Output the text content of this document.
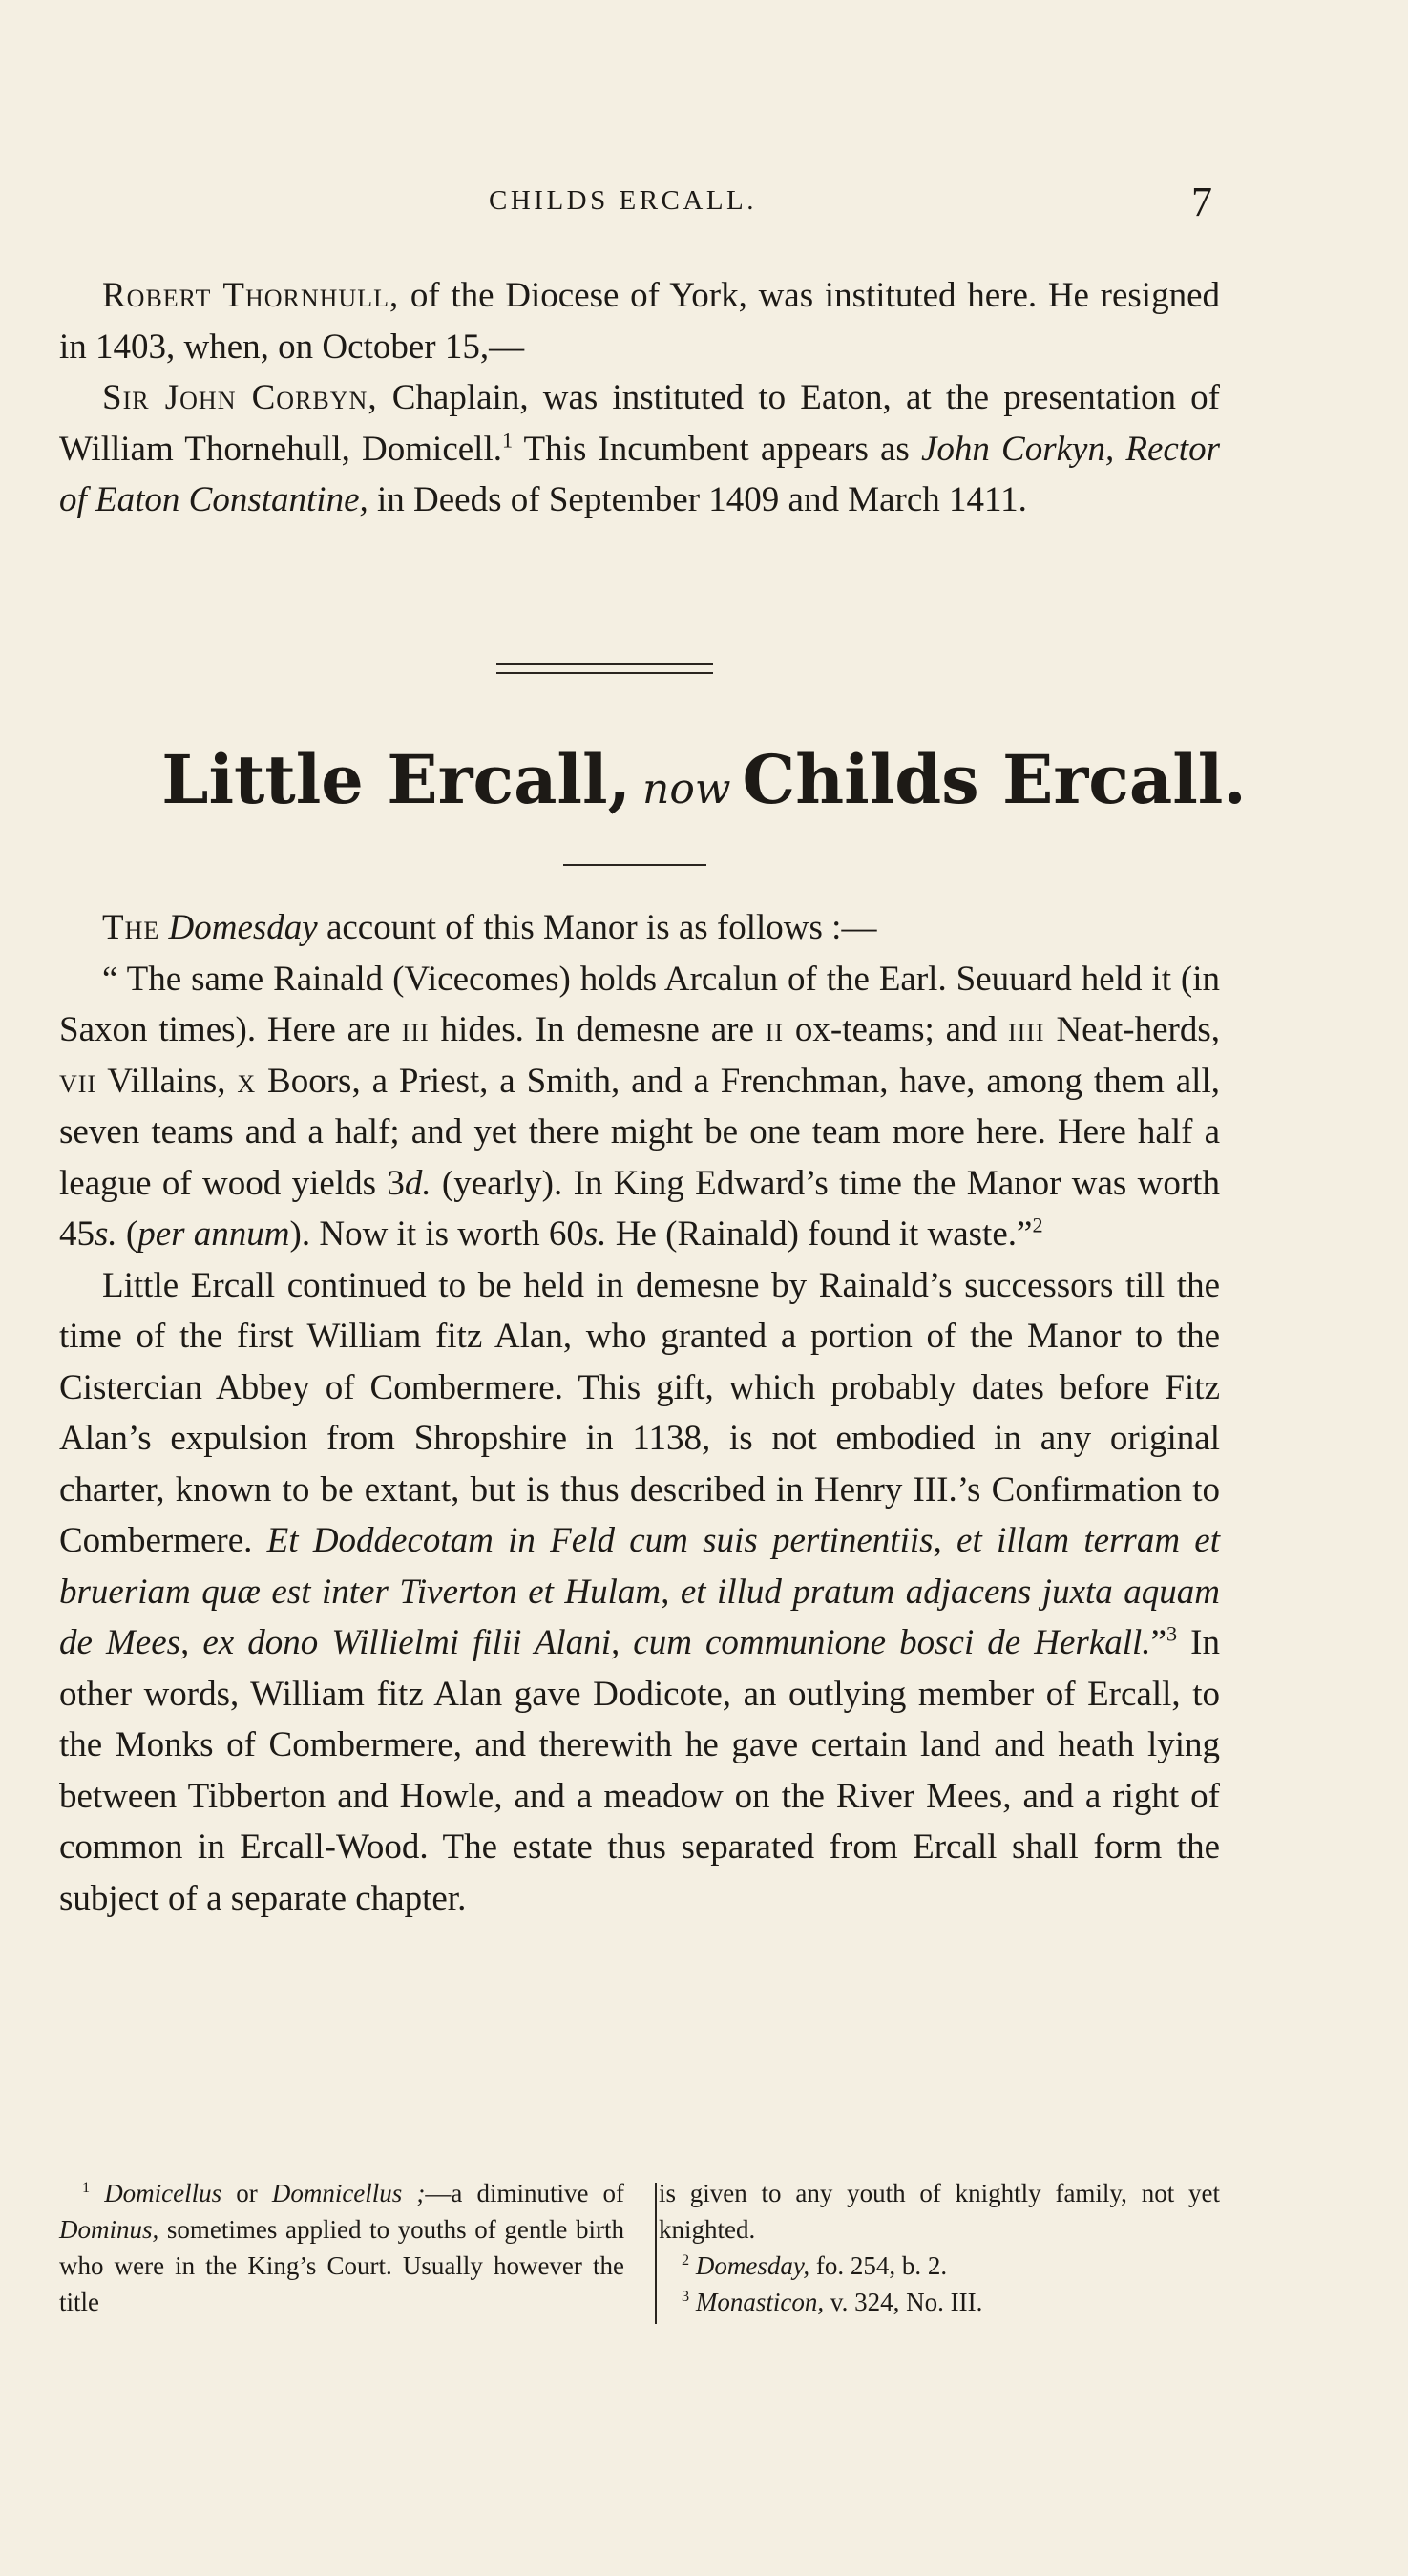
CHILDS ERCALL.	7

Robert Thornhull, of the Diocese of York, was instituted here. He resigned in 1403, when, on October 15,—

Sir John Corbyn, Chaplain, was instituted to Eaton, at the presentation of William Thornehull, Domicell.$^1$ This Incumbent appears as John Corkyn, Rector of Eaton Constantine, in Deeds of September 1409 and March 1411.

Little Ercall, now Childs Ercall.

The Domesday account of this Manor is as follows :—

“ The same Rainald (Vicecomes) holds Arcalun of the Earl. Seuuard held it (in Saxon times). Here are iii hides. In demesne are ii ox-teams; and iiii Neat-herds, vii Villains, x Boors, a Priest, a Smith, and a Frenchman, have, among them all, seven teams and a half; and yet there might be one team more here. Here half a league of wood yields 3d. (yearly). In King Edward’s time the Manor was worth 45s. (per annum). Now it is worth 60s. He (Rainald) found it waste.”$^2$

Little Ercall continued to be held in demesne by Rainald’s successors till the time of the first William fitz Alan, who granted a portion of the Manor to the Cistercian Abbey of Combermere. This gift, which probably dates before Fitz Alan’s expulsion from Shropshire in 1138, is not embodied in any original charter, known to be extant, but is thus described in Henry III.’s Confirmation to Combermere. Et Doddecotam in Feld cum suis pertinentiis, et illam terram et brueriam quæ est inter Tiverton et Hulam, et illud pratum adjacens juxta aquam de Mees, ex dono Willielmi filii Alani, cum communione bosci de Herkall.”$^3$ In other words, William fitz Alan gave Dodicote, an outlying member of Ercall, to the Monks of Combermere, and therewith he gave certain land and heath lying between Tibberton and Howle, and a meadow on the River Mees, and a right of common in Ercall-Wood. The estate thus separated from Ercall shall form the subject of a separate chapter.

$^1$ Domicellus or Domnicellus ;—a diminutive of Dominus, sometimes applied to youths of gentle birth who were in the King’s Court. Usually however the title
is given to any youth of knightly family, not yet knighted.
$^2$ Domesday, fo. 254, b. 2.
$^3$ Monasticon, v. 324, No. III.
